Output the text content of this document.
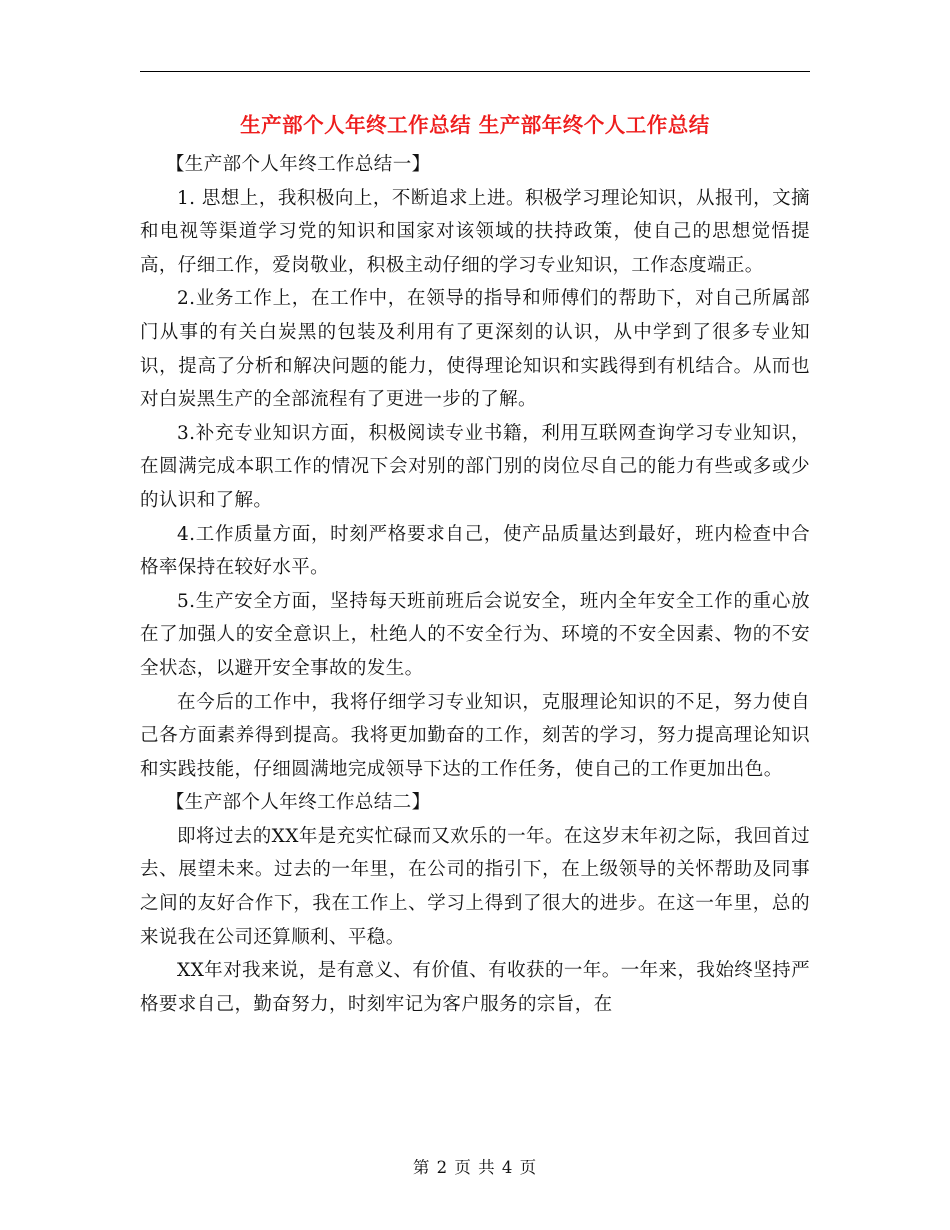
生产部个人年终工作总结 生产部年终个人工作总结

【生产部个人年终工作总结一】

1. 思想上，我积极向上，不断追求上进。积极学习理论知识，从报刊，文摘和电视等渠道学习党的知识和国家对该领域的扶持政策，使自己的思想觉悟提高，仔细工作，爱岗敬业，积极主动仔细的学习专业知识，工作态度端正。

2.业务工作上，在工作中，在领导的指导和师傅们的帮助下，对自己所属部门从事的有关白炭黑的包装及利用有了更深刻的认识，从中学到了很多专业知识，提高了分析和解决问题的能力，使得理论知识和实践得到有机结合。从而也对白炭黑生产的全部流程有了更进一步的了解。

3.补充专业知识方面，积极阅读专业书籍，利用互联网查询学习专业知识，在圆满完成本职工作的情况下会对别的部门别的岗位尽自己的能力有些或多或少的认识和了解。

4.工作质量方面，时刻严格要求自己，使产品质量达到最好，班内检查中合格率保持在较好水平。

5.生产安全方面，坚持每天班前班后会说安全，班内全年安全工作的重心放在了加强人的安全意识上，杜绝人的不安全行为、环境的不安全因素、物的不安全状态，以避开安全事故的发生。

在今后的工作中，我将仔细学习专业知识，克服理论知识的不足，努力使自己各方面素养得到提高。我将更加勤奋的工作，刻苦的学习，努力提高理论知识和实践技能，仔细圆满地完成领导下达的工作任务，使自己的工作更加出色。

【生产部个人年终工作总结二】

即将过去的XX年是充实忙碌而又欢乐的一年。在这岁末年初之际，我回首过去、展望未来。过去的一年里，在公司的指引下，在上级领导的关怀帮助及同事之间的友好合作下，我在工作上、学习上得到了很大的进步。在这一年里，总的来说我在公司还算顺利、平稳。

XX年对我来说，是有意义、有价值、有收获的一年。一年来，我始终坚持严格要求自己，勤奋努力，时刻牢记为客户服务的宗旨，在

第 2 页 共 4 页
